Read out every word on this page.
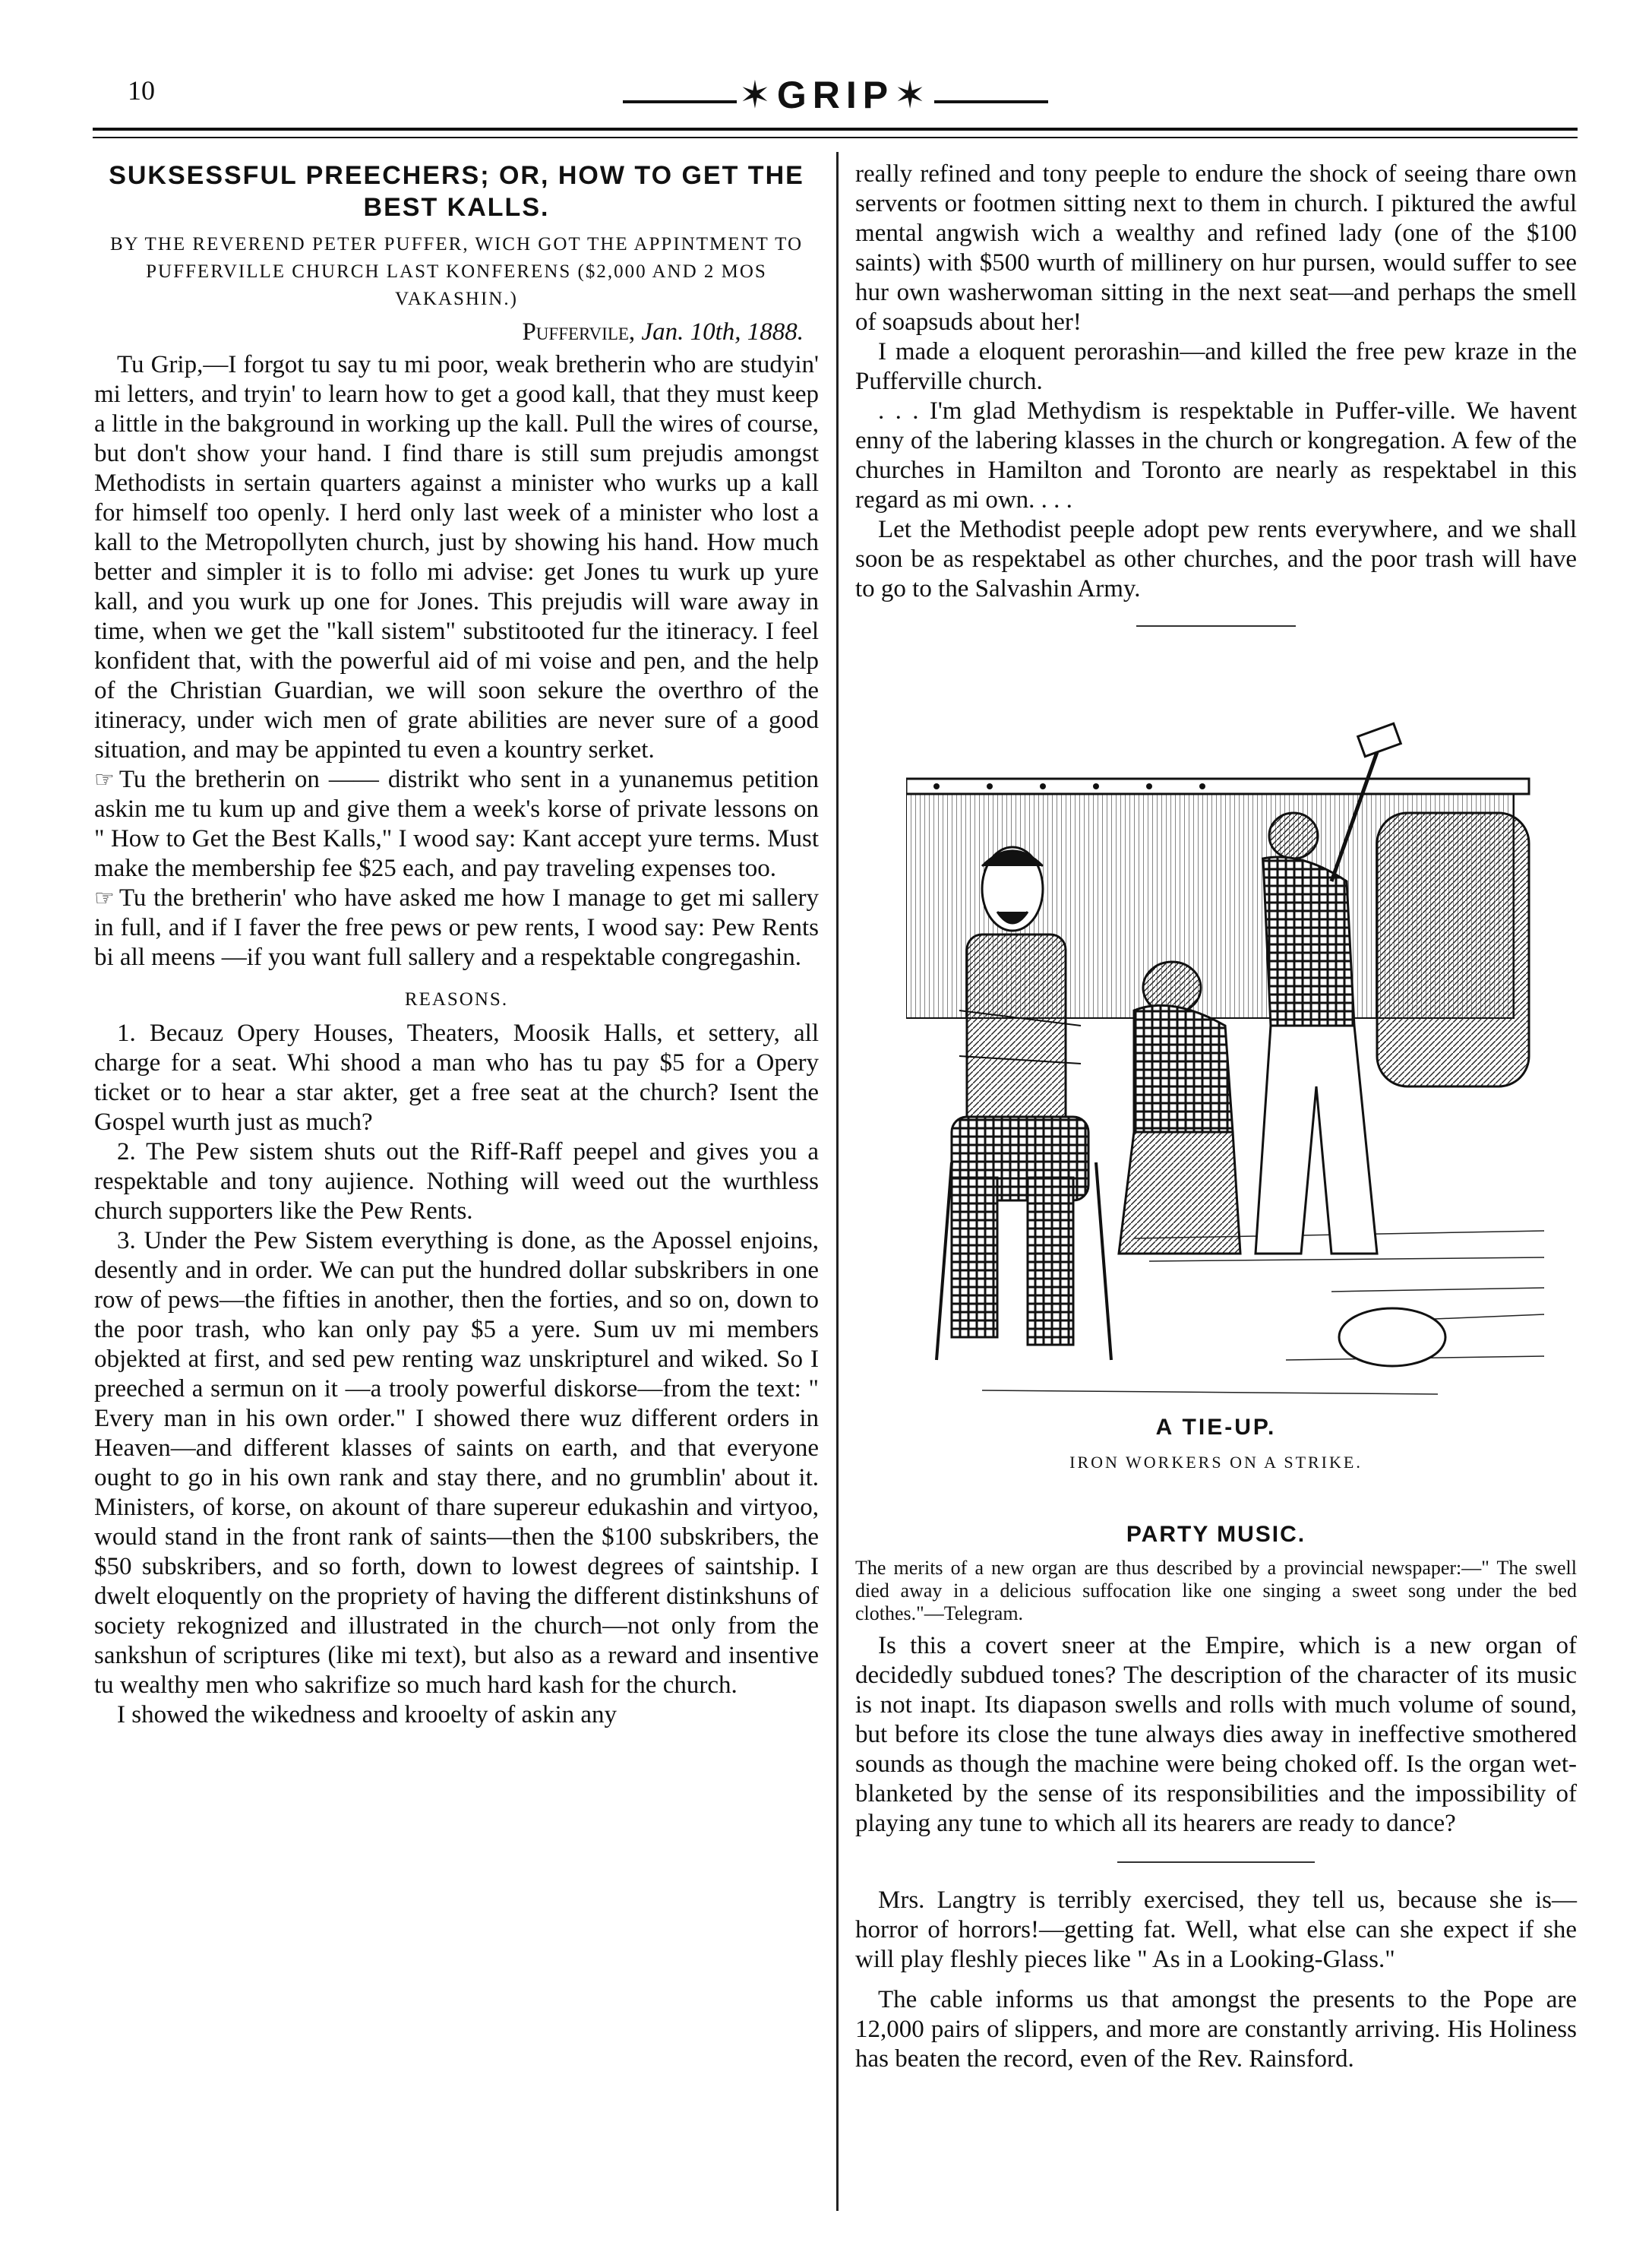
10	✶GRIP✶
SUKSESSFUL PREECHERS; OR, HOW TO GET THE BEST KALLS.
BY THE REVEREND PETER PUFFER, WICH GOT THE APPINTMENT TO PUFFERVILLE CHURCH LAST KONFERENS ($2,000 AND 2 MOS VAKASHIN.)
Puffervile, Jan. 10th, 1888.

Tu Grip,—I forgot tu say tu mi poor, weak bretherin who are studyin' mi letters, and tryin' to learn how to get a good kall, that they must keep a little in the bakground in working up the kall. Pull the wires of course, but don't show your hand. I find thare is still sum prejudis amongst Methodists in sertain quarters against a minister who wurks up a kall for himself too openly. I herd only last week of a minister who lost a kall to the Metropollyten church, just by showing his hand. How much better and simpler it is to follo mi advise: get Jones tu wurk up yure kall, and you wurk up one for Jones. This prejudis will ware away in time, when we get the "kall sistem" substitooted fur the itineracy. I feel konfident that, with the powerful aid of mi voise and pen, and the help of the Christian Guardian, we will soon sekure the overthro of the itineracy, under wich men of grate abilities are never sure of a good situation, and may be appinted tu even a kountry serket.

☞ Tu the bretherin on —— distrikt who sent in a yunanemus petition askin me tu kum up and give them a week's korse of private lessons on " How to Get the Best Kalls," I wood say: Kant accept yure terms. Must make the membership fee $25 each, and pay traveling expenses too.

☞ Tu the bretherin' who have asked me how I manage to get mi sallery in full, and if I faver the free pews or pew rents, I wood say: Pew Rents bi all meens —if you want full sallery and a respektable congregashin.

REASONS.

1. Becauz Opery Houses, Theaters, Moosik Halls, et settery, all charge for a seat. Whi shood a man who has tu pay $5 for a Opery ticket or to hear a star akter, get a free seat at the church? Isent the Gospel wurth just as much?

2. The Pew sistem shuts out the Riff-Raff peepel and gives you a respektable and tony aujience. Nothing will weed out the wurthless church supporters like the Pew Rents.

3. Under the Pew Sistem everything is done, as the Apossel enjoins, desently and in order. We can put the hundred dollar subskribers in one row of pews—the fifties in another, then the forties, and so on, down to the poor trash, who kan only pay $5 a yere. Sum uv mi members objekted at first, and sed pew renting waz unskripturel and wiked. So I preeched a sermun on it —a trooly powerful diskorse—from the text: " Every man in his own order." I showed there wuz different orders in Heaven—and different klasses of saints on earth, and that everyone ought to go in his own rank and stay there, and no grumblin' about it. Ministers, of korse, on akount of thare supereur edukashin and virtyoo, would stand in the front rank of saints—then the $100 subskribers, the $50 subskribers, and so forth, down to lowest degrees of saintship. I dwelt eloquently on the propriety of having the different distinkshuns of society rekognized and illustrated in the church—not only from the sankshun of scriptures (like mi text), but also as a reward and insentive tu wealthy men who sakrifize so much hard kash for the church.

I showed the wikedness and krooelty of askin any

really refined and tony peeple to endure the shock of seeing thare own servents or footmen sitting next to them in church. I piktured the awful mental angwish wich a wealthy and refined lady (one of the $100 saints) with $500 wurth of millinery on hur pursen, would suffer to see hur own washerwoman sitting in the next seat—and perhaps the smell of soapsuds about her!

I made a eloquent perorashin—and killed the free pew kraze in the Pufferville church.

. . . I'm glad Methydism is respektable in Puffer-ville. We havent enny of the labering klasses in the church or kongregation. A few of the churches in Hamilton and Toronto are nearly as respektabel in this regard as mi own. . . .

Let the Methodist peeple adopt pew rents everywhere, and we shall soon be as respektabel as other churches, and the poor trash will have to go to the Salvashin Army.

A TIE-UP.
IRON WORKERS ON A STRIKE.
PARTY MUSIC.
The merits of a new organ are thus described by a provincial newspaper:—" The swell died away in a delicious suffocation like one singing a sweet song under the bed clothes."—Telegram.

Is this a covert sneer at the Empire, which is a new organ of decidedly subdued tones? The description of the character of its music is not inapt. Its diapason swells and rolls with much volume of sound, but before its close the tune always dies away in ineffective smothered sounds as though the machine were being choked off. Is the organ wet-blanketed by the sense of its responsibilities and the impossibility of playing any tune to which all its hearers are ready to dance?

Mrs. Langtry is terribly exercised, they tell us, because she is—horror of horrors!—getting fat. Well, what else can she expect if she will play fleshly pieces like " As in a Looking-Glass."

The cable informs us that amongst the presents to the Pope are 12,000 pairs of slippers, and more are constantly arriving. His Holiness has beaten the record, even of the Rev. Rainsford.
